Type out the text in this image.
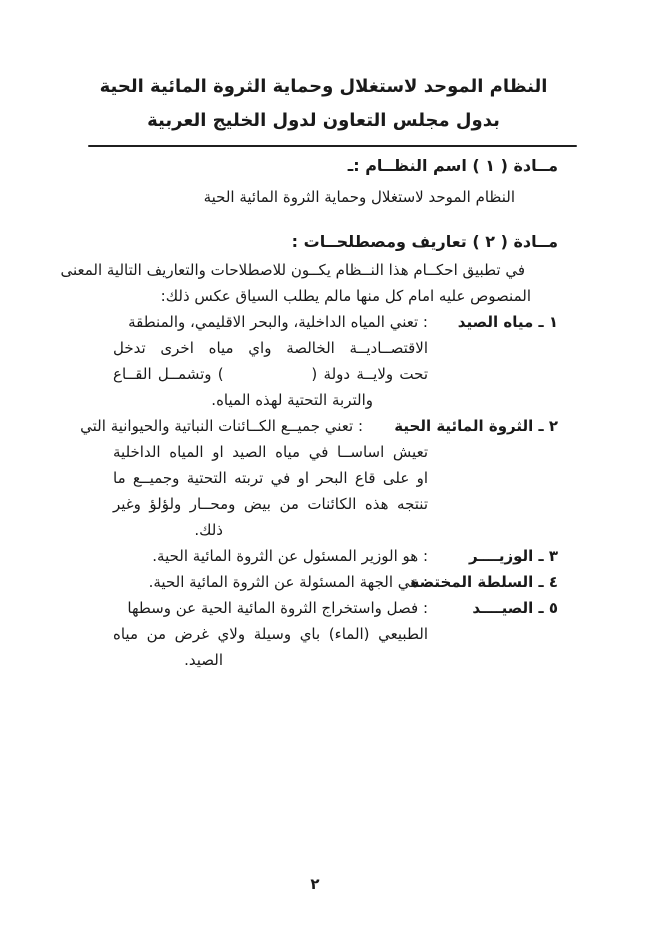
النظام الموحد لاستغلال وحماية الثروة المائية الحية
بدول مجلس التعاون لدول الخليج العربية
مــادة ( ١ ) اسم النظــام :ـ
النظام الموحد لاستغلال وحماية الثروة المائية الحية
مــادة ( ٢ ) تعاريف ومصطلحــات :
في تطبيق احكــام هذا النــظام يكــون للاصطلاحات والتعاريف التالية المعنى
المنصوص عليه امام كل منها مالم يطلب السياق عكس ذلك:
١ ـ مياه الصيد
: تعني المياه الداخلية، والبحر الاقليمي، والمنطقة
الاقتصــاديــة الخالصة واي مياه اخرى تدخل
تحت ولايــة دولة (              ) وتشمــل القــاع
والتربة التحتية لهذه المياه.
٢ ـ الثروة المائية الحية
: تعني جميــع الكــائنات النباتية والحيوانية التي
تعيش اساســا في مياه الصيد او المياه الداخلية
او على قاع البحر او في تربته التحتية وجميــع ما
تنتجه هذه الكائنات من بيض ومحــار ولؤلؤ وغير
ذلك.
٣ ـ الوزيــــر
: هو الوزير المسئول عن الثروة المائية الحية.
٤ ـ السلطة المختصة
: هي الجهة المسئولة عن الثروة المائية الحية.
٥ ـ الصيــــد
: فصل واستخراج الثروة المائية الحية عن وسطها
الطبيعي (الماء) باي وسيلة ولاي غرض من مياه
الصيد.
٢
